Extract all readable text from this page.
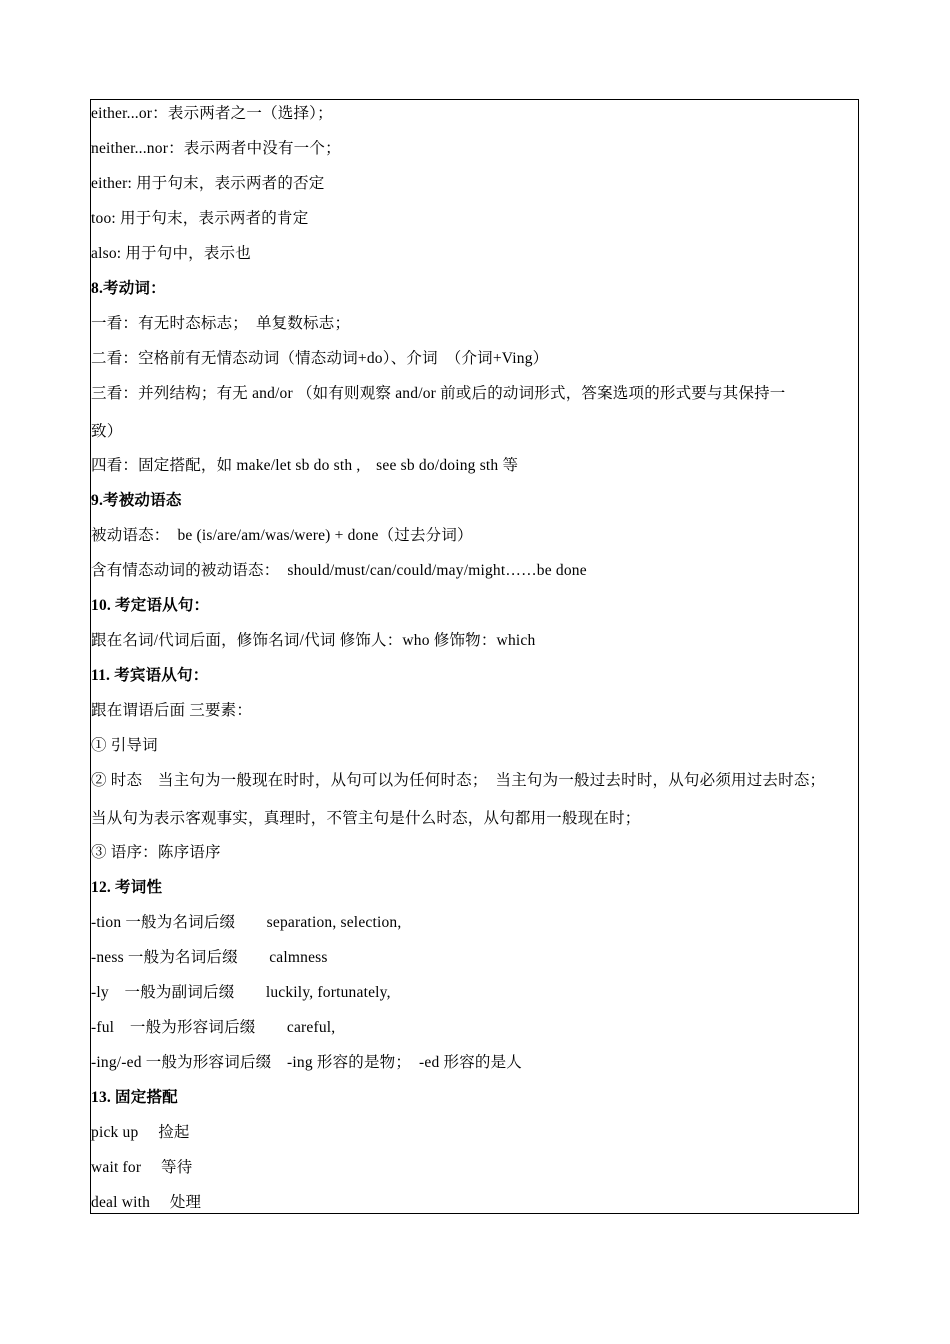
either...or：表示两者之一（选择）；
neither...nor：表示两者中没有一个；
either: 用于句末，表示两者的否定
too: 用于句末，表示两者的肯定
also: 用于句中，表示也
8.考动词：
一看：有无时态标志；　单复数标志；
二看：空格前有无情态动词（情态动词+do）、介词　（介词+Ving）
三看：并列结构；有无 and/or （如有则观察 and/or 前或后的动词形式，答案选项的形式要与其保持一
致）
四看：固定搭配，如 make/let sb do sth ,　see sb do/doing sth 等
9.考被动语态
被动语态：　be (is/are/am/was/were) + done（过去分词）
含有情态动词的被动语态：　should/must/can/could/may/might……be done
10. 考定语从句：
跟在名词/代词后面，修饰名词/代词 修饰人：who 修饰物：which
11. 考宾语从句：
跟在谓语后面 三要素：
① 引导词
② 时态　当主句为一般现在时时，从句可以为任何时态；　当主句为一般过去时时，从句必须用过去时态；
当从句为表示客观事实，真理时，不管主句是什么时态，从句都用一般现在时；
③ 语序：陈序语序
12. 考词性
-tion 一般为名词后缀　　separation, selection,
-ness 一般为名词后缀　　calmness
-ly　一般为副词后缀　　luckily, fortunately,
-ful　一般为形容词后缀　　careful,
-ing/-ed 一般为形容词后缀　-ing 形容的是物；　-ed 形容的是人
13. 固定搭配
pick up　 捡起
wait for　 等待
deal with　 处理
